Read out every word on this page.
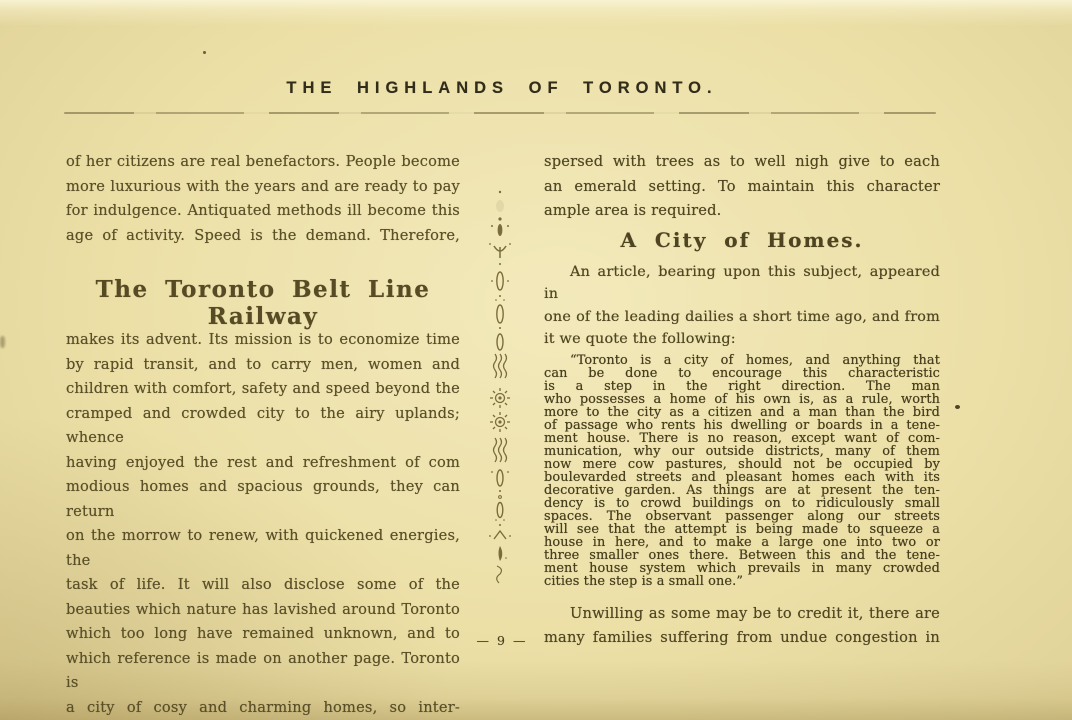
THE HIGHLANDS OF TORONTO.
of her citizens are real benefactors. People become
more luxurious with the years and are ready to pay
for indulgence. Antiquated methods ill become this
age of activity. Speed is the demand. Therefore,
The Toronto Belt Line Railway
makes its advent. Its mission is to economize time
by rapid transit, and to carry men, women and
children with comfort, safety and speed beyond the
cramped and crowded city to the airy uplands; whence
having enjoyed the rest and refreshment of com
modious homes and spacious grounds, they can return
on the morrow to renew, with quickened energies, the
task of life. It will also disclose some of the
beauties which nature has lavished around Toronto
which too long have remained unknown, and to
which reference is made on another page. Toronto is
a city of cosy and charming homes, so inter-
spersed with trees as to well nigh give to each
an emerald setting. To maintain this character
ample area is required.
A City of Homes.
An article, bearing upon this subject, appeared in
one of the leading dailies a short time ago, and from
it we quote the following:
“Toronto is a city of homes, and anything that
can be done to encourage this characteristic
is a step in the right direction. The man
who possesses a home of his own is, as a rule, worth
more to the city as a citizen and a man than the bird
of passage who rents his dwelling or boards in a tene-
ment house. There is no reason, except want of com-
munication, why our outside districts, many of them
now mere cow pastures, should not be occupied by
boulevarded streets and pleasant homes each with its
decorative garden. As things are at present the ten-
dency is to crowd buildings on to ridiculously small
spaces. The observant passenger along our streets
will see that the attempt is being made to squeeze a
house in here, and to make a large one into two or
three smaller ones there. Between this and the tene-
ment house system which prevails in many crowded
cities the step is a small one.”
Unwilling as some may be to credit it, there are
many families suffering from undue congestion in
— 9 —
